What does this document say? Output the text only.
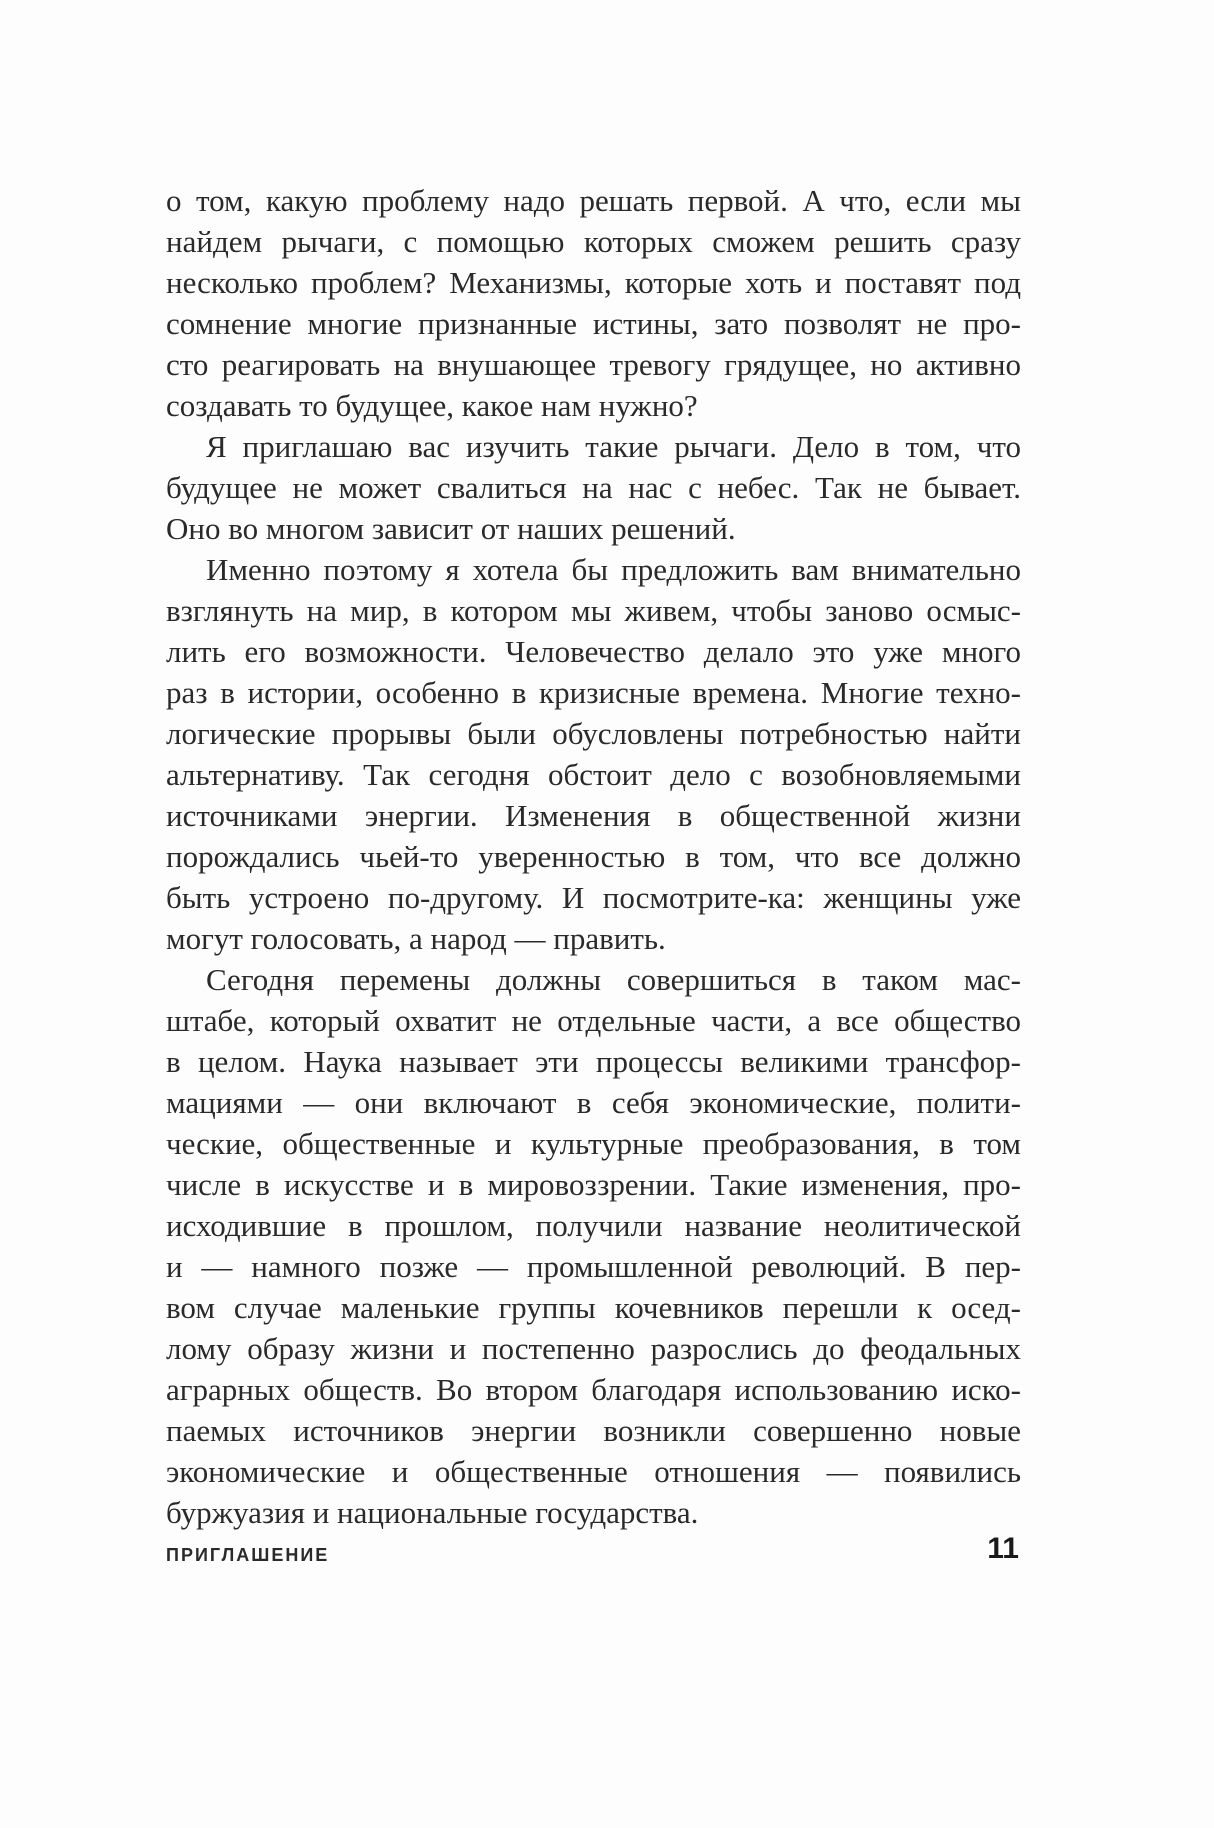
о том, какую проблему надо решать первой. А что, если мы
найдем рычаги, с помощью которых сможем решить сразу
несколько проблем? Механизмы, которые хоть и поставят под
сомнение многие признанные истины, зато позволят не про-
сто реагировать на внушающее тревогу грядущее, но активно
создавать то будущее, какое нам нужно?
Я приглашаю вас изучить такие рычаги. Дело в том, что
будущее не может свалиться на нас с небес. Так не бывает.
Оно во многом зависит от наших решений.
Именно поэтому я хотела бы предложить вам внимательно
взглянуть на мир, в котором мы живем, чтобы заново осмыс-
лить его возможности. Человечество делало это уже много
раз в истории, особенно в кризисные времена. Многие техно-
логические прорывы были обусловлены потребностью найти
альтернативу. Так сегодня обстоит дело с возобновляемыми
источниками энергии. Изменения в общественной жизни
порождались чьей-то уверенностью в том, что все должно
быть устроено по-другому. И посмотрите-ка: женщины уже
могут голосовать, а народ — править.
Сегодня перемены должны совершиться в таком мас-
штабе, который охватит не отдельные части, а все общество
в целом. Наука называет эти процессы великими трансфор-
мациями — они включают в себя экономические, полити-
ческие, общественные и культурные преобразования, в том
числе в искусстве и в мировоззрении. Такие изменения, про-
исходившие в прошлом, получили название неолитической
и — намного позже — промышленной революций. В пер-
вом случае маленькие группы кочевников перешли к осед-
лому образу жизни и постепенно разрослись до феодальных
аграрных обществ. Во втором благодаря использованию иско-
паемых источников энергии возникли совершенно новые
экономические и общественные отношения — появились
буржуазия и национальные государства.
ПРИГЛАШЕНИЕ	11
